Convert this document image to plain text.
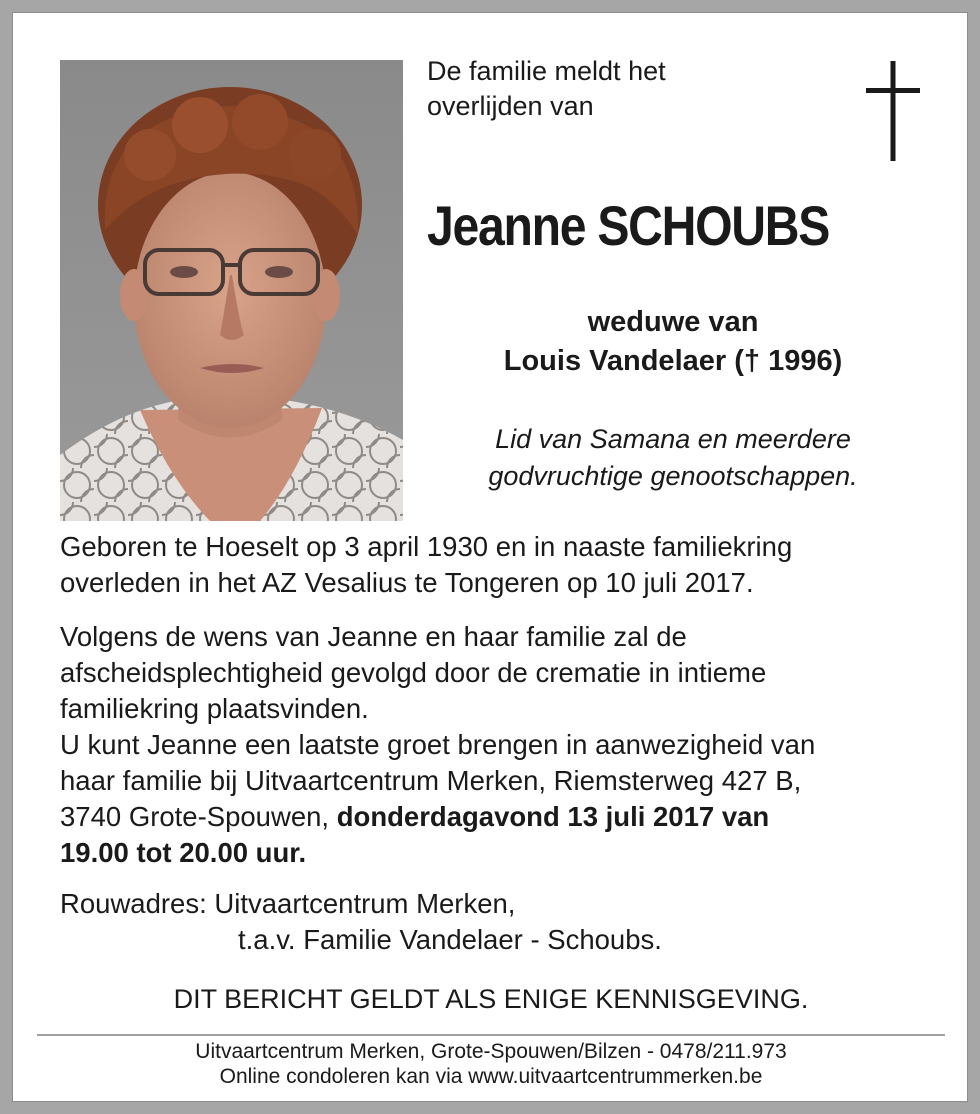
De familie meldt het
overlijden van
Jeanne SCHOUBS
weduwe van
Louis Vandelaer († 1996)
Lid van Samana en meerdere
godvruchtige genootschappen.
Geboren te Hoeselt op 3 april 1930 en in naaste familiekring
overleden in het AZ Vesalius te Tongeren op 10 juli 2017.
Volgens de wens van Jeanne en haar familie zal de
afscheidsplechtigheid gevolgd door de crematie in intieme
familiekring plaatsvinden.
U kunt Jeanne een laatste groet brengen in aanwezigheid van
haar familie bij Uitvaartcentrum Merken, Riemsterweg 427 B,
3740 Grote-Spouwen, donderdagavond 13 juli 2017 van
19.00 tot 20.00 uur.
Rouwadres: Uitvaartcentrum Merken,
t.a.v. Familie Vandelaer - Schoubs.
DIT BERICHT GELDT ALS ENIGE KENNISGEVING.
Uitvaartcentrum Merken, Grote-Spouwen/Bilzen - 0478/211.973
Online condoleren kan via www.uitvaartcentrummerken.be
